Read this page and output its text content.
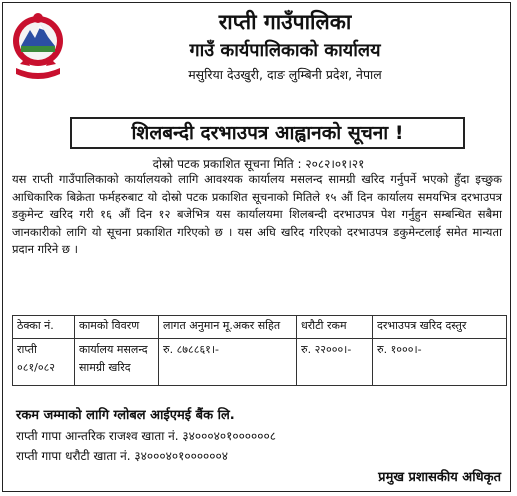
राप्ती गाउँपालिका
गाउँ कार्यपालिकाको कार्यालय
मसुरिया देउखुरी, दाङ लुम्बिनी प्रदेश, नेपाल
शिलबन्दी दरभाउपत्र आह्वानको सूचना !
दोस्रो पटक प्रकाशित सूचना मिति : २०८२।०१।२१
यस राप्ती गाउँपालिकाको कार्यालयको लागि आवश्यक कार्यालय मसलन्द सामग्री खरिद गर्नुपर्ने भएको हुँदा इच्छुक आधिकारिक बिक्रेता फर्महरुबाट यो दोस्रो पटक प्रकाशित सूचनाको मितिले १५ औं दिन कार्यालय समयभित्र दरभाउपत्र डकुमेन्ट खरिद गरी १६ औं दिन १२ बजेभित्र यस कार्यालयमा शिलबन्दी दरभाउपत्र पेश गर्नुहुन सम्बन्धित सबैमा जानकारीको लागि यो सूचना प्रकाशित गरिएको छ । यस अघि खरिद गरिएको दरभाउपत्र डकुमेन्टलाई समेत मान्यता प्रदान गरिने छ ।
ठेक्का नं.	कामको विवरण	लागत अनुमान मू.अकर सहित	धरौटी रकम	दरभाउपत्र खरिद दस्तुर
राप्ती ०८१/०८२	कार्यालय मसलन्द सामग्री खरिद	रु. ८७८८६१।-	रु. २२०००।-	रु. १०००।-
रकम जम्माको लागि ग्लोबल आईएमई बैंक लि.
राप्ती गापा आन्तरिक राजश्व खाता नं. ३४०००४०१००००००८
राप्ती गापा धरौटी खाता नं. ३४०००४०१००००००४
प्रमुख प्रशासकीय अधिकृत
